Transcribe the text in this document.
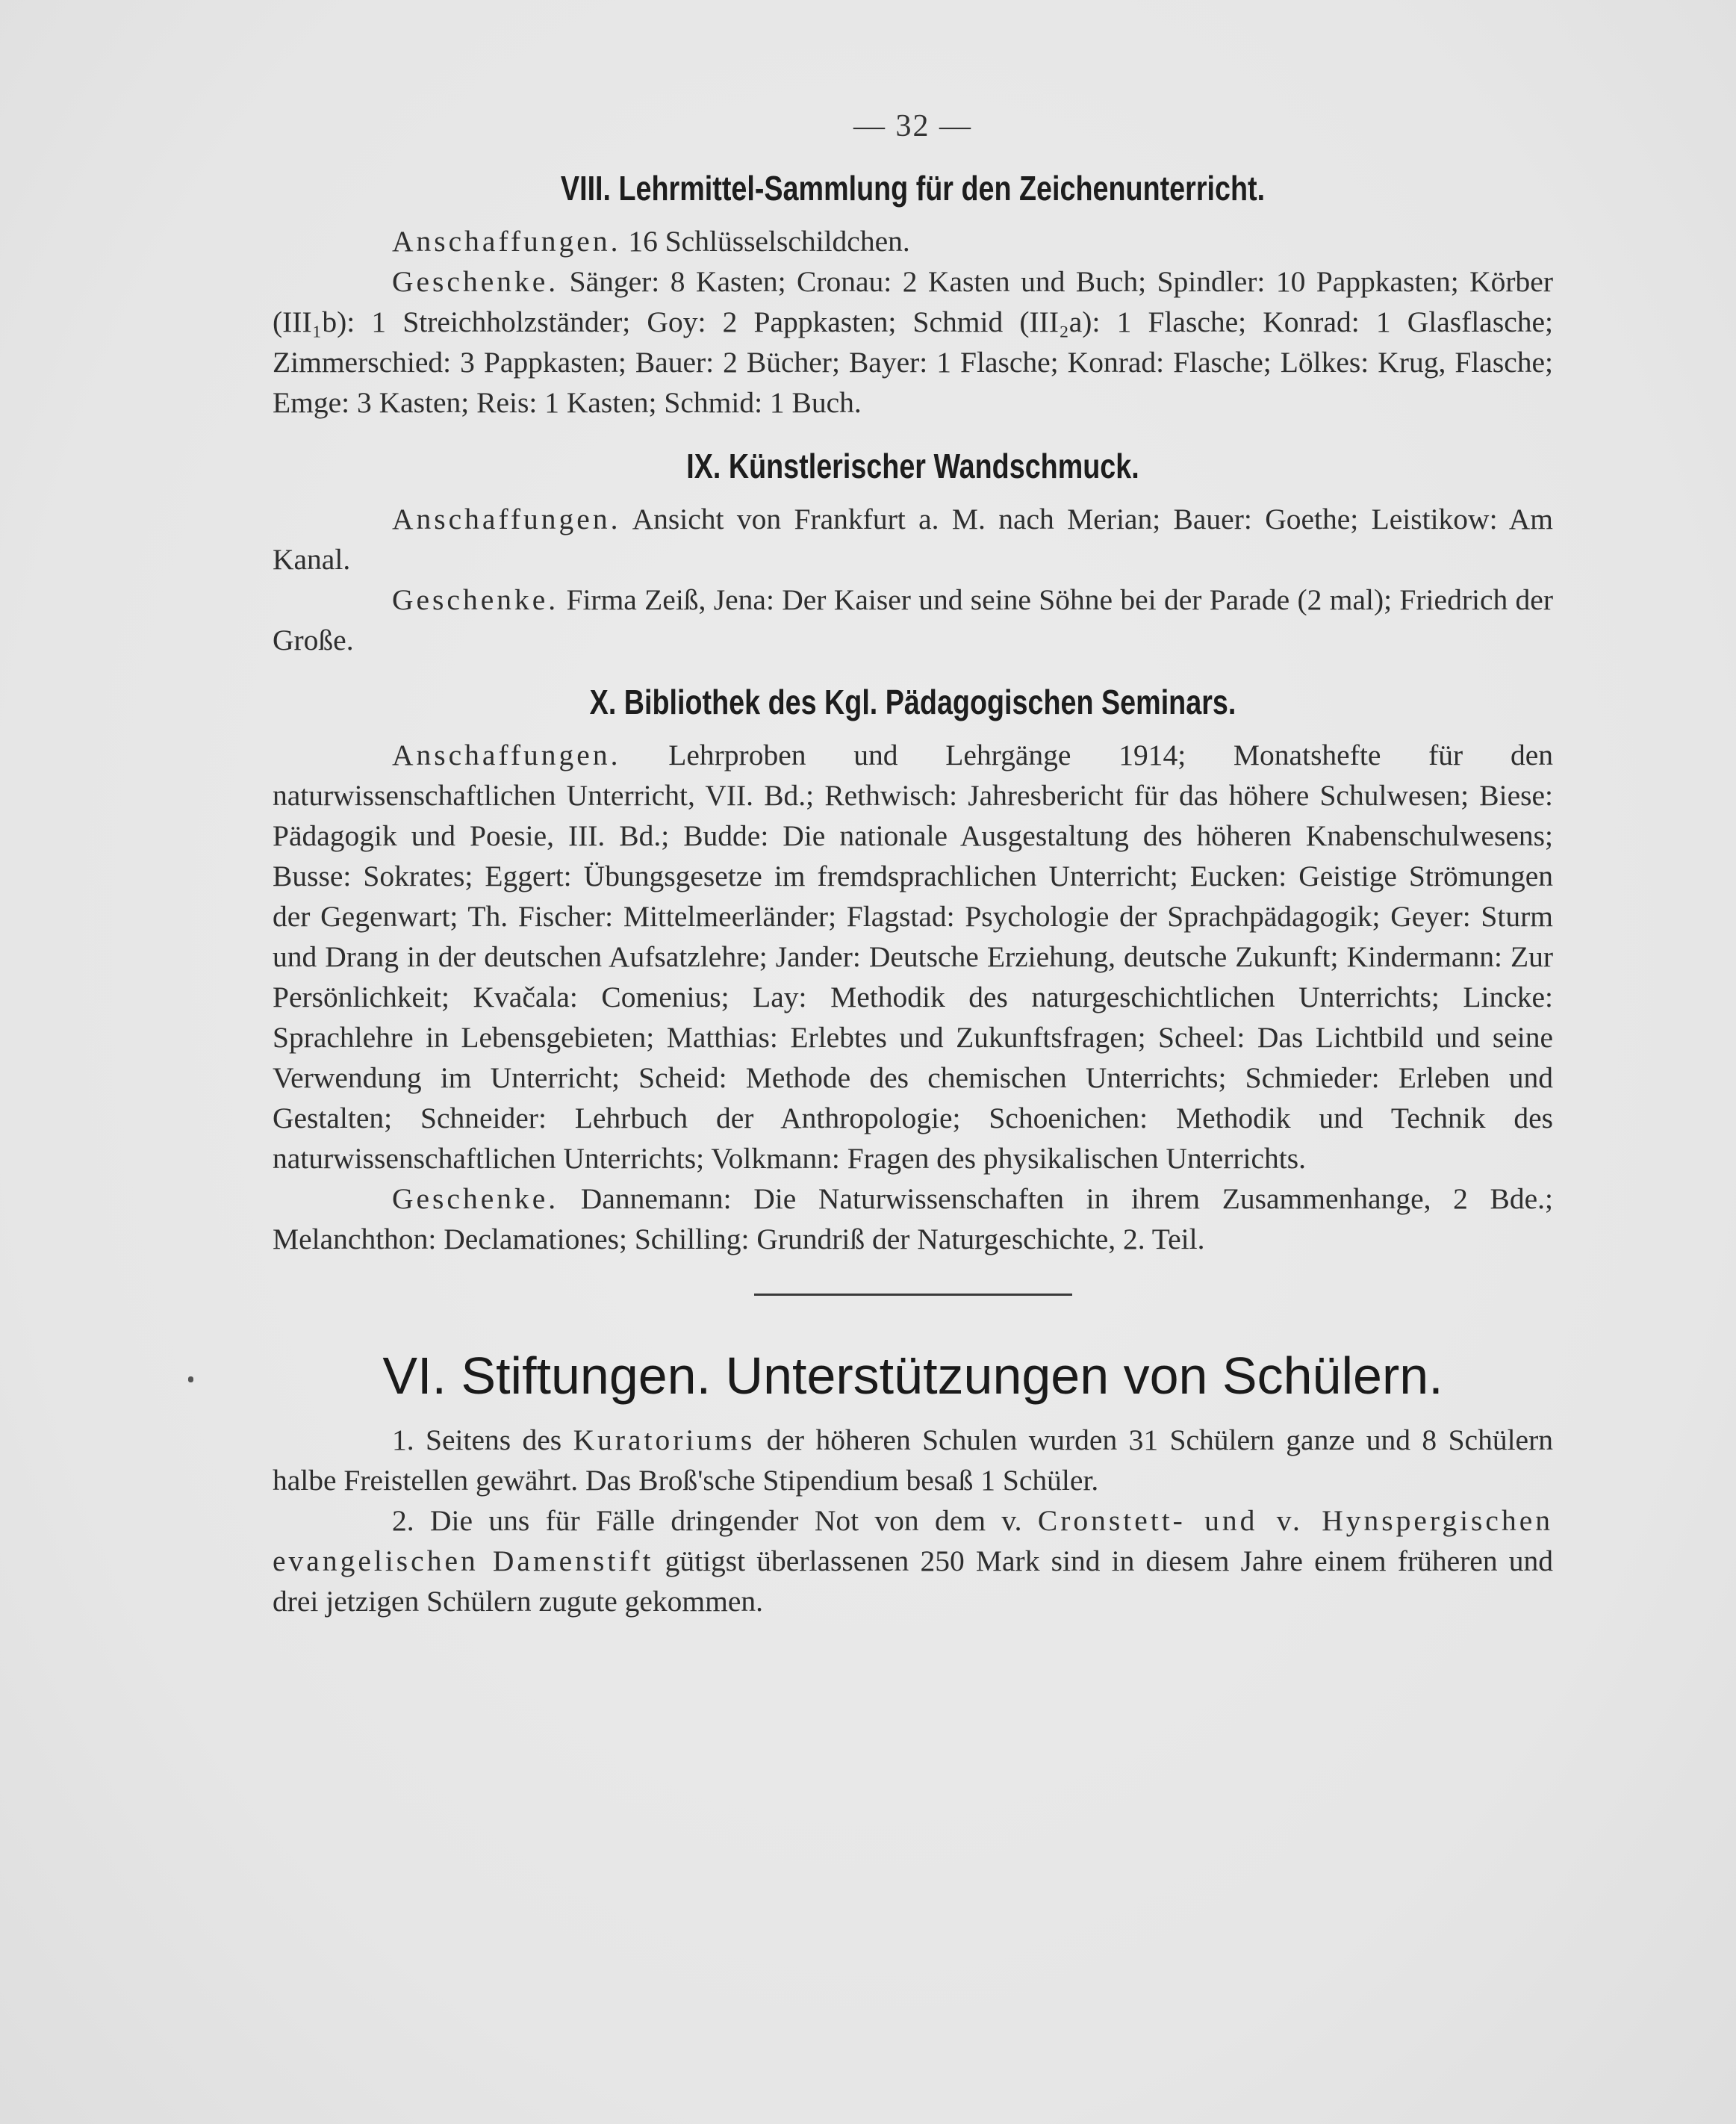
— 32 —
VIII. Lehrmittel-Sammlung für den Zeichenunterricht.

Anschaffungen. 16 Schlüsselschildchen.

Geschenke. Sänger: 8 Kasten; Cronau: 2 Kasten und Buch; Spindler: 10 Pappkasten; Körber (III₁b): 1 Streichholzständer; Goy: 2 Pappkasten; Schmid (III₂a): 1 Flasche; Konrad: 1 Glasflasche; Zimmerschied: 3 Pappkasten; Bauer: 2 Bücher; Bayer: 1 Flasche; Konrad: Flasche; Lölkes: Krug, Flasche; Emge: 3 Kasten; Reis: 1 Kasten; Schmid: 1 Buch.

IX. Künstlerischer Wandschmuck.

Anschaffungen. Ansicht von Frankfurt a. M. nach Merian; Bauer: Goethe; Leistikow: Am Kanal.

Geschenke. Firma Zeiß, Jena: Der Kaiser und seine Söhne bei der Parade (2 mal); Friedrich der Große.

X. Bibliothek des Kgl. Pädagogischen Seminars.

Anschaffungen. Lehrproben und Lehrgänge 1914; Monatshefte für den naturwissenschaftlichen Unterricht, VII. Bd.; Rethwisch: Jahresbericht für das höhere Schulwesen; Biese: Pädagogik und Poesie, III. Bd.; Budde: Die nationale Ausgestaltung des höheren Knabenschulwesens; Busse: Sokrates; Eggert: Übungsgesetze im fremdsprachlichen Unterricht; Eucken: Geistige Strömungen der Gegenwart; Th. Fischer: Mittelmeerländer; Flagstad: Psychologie der Sprachpädagogik; Geyer: Sturm und Drang in der deutschen Aufsatzlehre; Jander: Deutsche Erziehung, deutsche Zukunft; Kindermann: Zur Persönlichkeit; Kvačala: Comenius; Lay: Methodik des naturgeschichtlichen Unterrichts; Lincke: Sprachlehre in Lebensgebieten; Matthias: Erlebtes und Zukunftsfragen; Scheel: Das Lichtbild und seine Verwendung im Unterricht; Scheid: Methode des chemischen Unterrichts; Schmieder: Erleben und Gestalten; Schneider: Lehrbuch der Anthropologie; Schoenichen: Methodik und Technik des naturwissenschaftlichen Unterrichts; Volkmann: Fragen des physikalischen Unterrichts.

Geschenke. Dannemann: Die Naturwissenschaften in ihrem Zusammenhange, 2 Bde.; Melanchthon: Declamationes; Schilling: Grundriß der Naturgeschichte, 2. Teil.

VI. Stiftungen. Unterstützungen von Schülern.

1. Seitens des Kuratoriums der höheren Schulen wurden 31 Schülern ganze und 8 Schülern halbe Freistellen gewährt. Das Broß'sche Stipendium besaß 1 Schüler.

2. Die uns für Fälle dringender Not von dem v. Cronstett- und v. Hynspergischen evangelischen Damenstift gütigst überlassenen 250 Mark sind in diesem Jahre einem früheren und drei jetzigen Schülern zugute gekommen.
